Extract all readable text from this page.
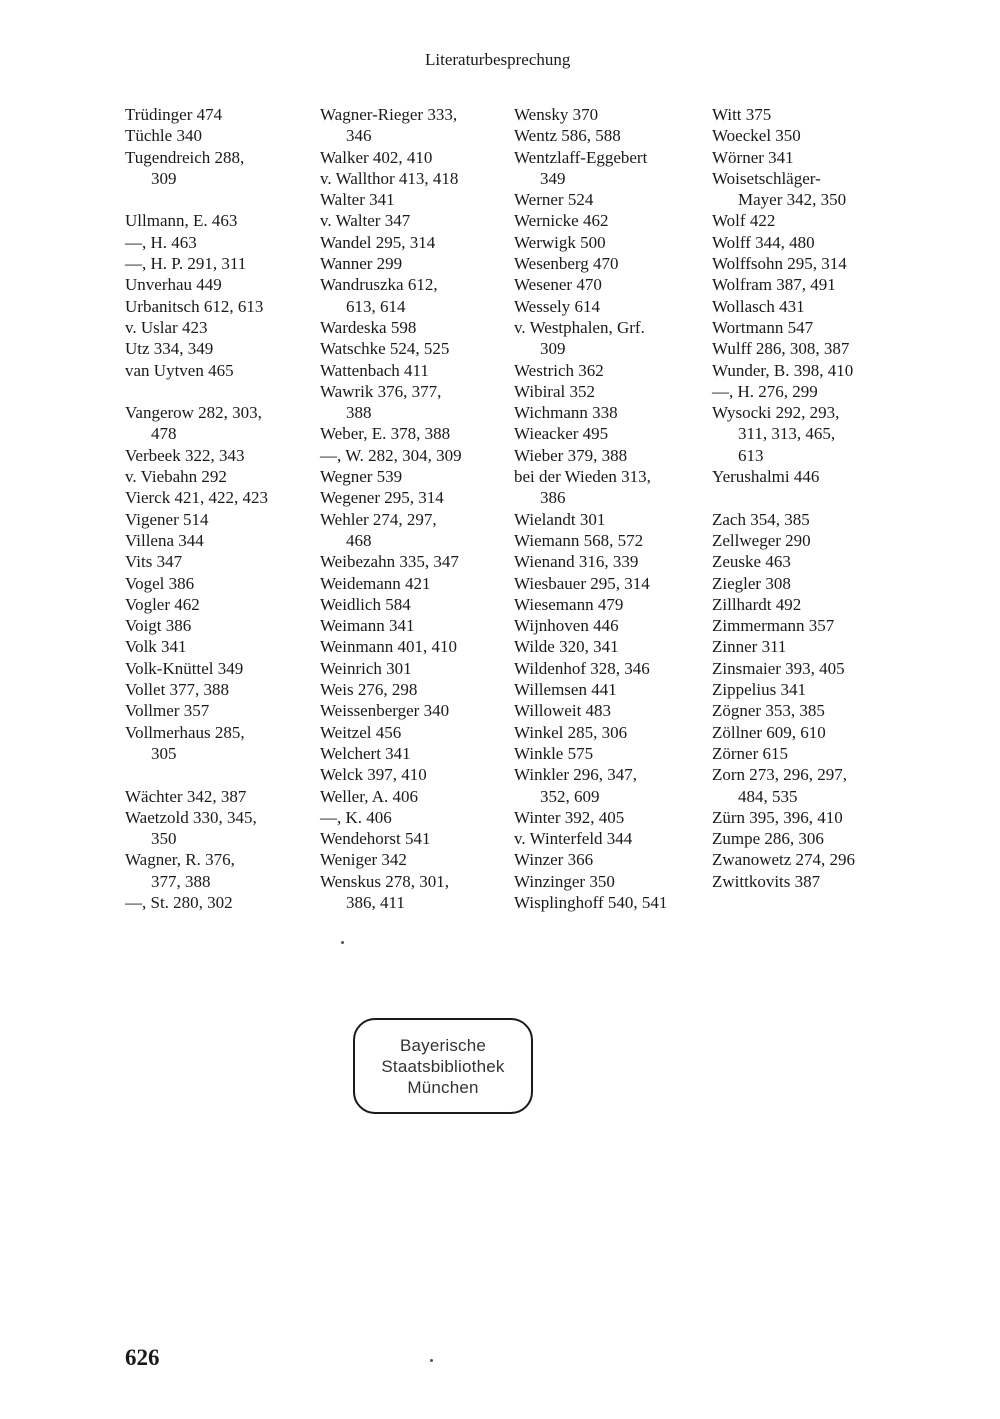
Literaturbesprechung
Trüdinger 474
Tüchle 340
Tugendreich 288,
309
Ullmann, E. 463
—, H. 463
—, H. P. 291, 311
Unverhau 449
Urbanitsch 612, 613
v. Uslar 423
Utz 334, 349
van Uytven 465
Vangerow 282, 303,
478
Verbeek 322, 343
v. Viebahn 292
Vierck 421, 422, 423
Vigener 514
Villena 344
Vits 347
Vogel 386
Vogler 462
Voigt 386
Volk 341
Volk-Knüttel 349
Vollet 377, 388
Vollmer 357
Vollmerhaus 285,
305
Wächter 342, 387
Waetzold 330, 345,
350
Wagner, R. 376,
377, 388
—, St. 280, 302
Wagner-Rieger 333,
346
Walker 402, 410
v. Wallthor 413, 418
Walter 341
v. Walter 347
Wandel 295, 314
Wanner 299
Wandruszka 612,
613, 614
Wardeska 598
Watschke 524, 525
Wattenbach 411
Wawrik 376, 377,
388
Weber, E. 378, 388
—, W. 282, 304, 309
Wegner 539
Wegener 295, 314
Wehler 274, 297,
468
Weibezahn 335, 347
Weidemann 421
Weidlich 584
Weimann 341
Weinmann 401, 410
Weinrich 301
Weis 276, 298
Weissenberger 340
Weitzel 456
Welchert 341
Welck 397, 410
Weller, A. 406
—, K. 406
Wendehorst 541
Weniger 342
Wenskus 278, 301,
386, 411
Wensky 370
Wentz 586, 588
Wentzlaff-Eggebert
349
Werner 524
Wernicke 462
Werwigk 500
Wesenberg 470
Wesener 470
Wessely 614
v. Westphalen, Grf.
309
Westrich 362
Wibiral 352
Wichmann 338
Wieacker 495
Wieber 379, 388
bei der Wieden 313,
386
Wielandt 301
Wiemann 568, 572
Wienand 316, 339
Wiesbauer 295, 314
Wiesemann 479
Wijnhoven 446
Wilde 320, 341
Wildenhof 328, 346
Willemsen 441
Willoweit 483
Winkel 285, 306
Winkle 575
Winkler 296, 347,
352, 609
Winter 392, 405
v. Winterfeld 344
Winzer 366
Winzinger 350
Wisplinghoff 540, 541
Witt 375
Woeckel 350
Wörner 341
Woisetschläger-
Mayer 342, 350
Wolf 422
Wolff 344, 480
Wolffsohn 295, 314
Wolfram 387, 491
Wollasch 431
Wortmann 547
Wulff 286, 308, 387
Wunder, B. 398, 410
—, H. 276, 299
Wysocki 292, 293,
311, 313, 465,
613
Yerushalmi 446
Zach 354, 385
Zellweger 290
Zeuske 463
Ziegler 308
Zillhardt 492
Zimmermann 357
Zinner 311
Zinsmaier 393, 405
Zippelius 341
Zögner 353, 385
Zöllner 609, 610
Zörner 615
Zorn 273, 296, 297,
484, 535
Zürn 395, 396, 410
Zumpe 286, 306
Zwanowetz 274, 296
Zwittkovits 387
Bayerische
Staatsbibliothek
München
626
